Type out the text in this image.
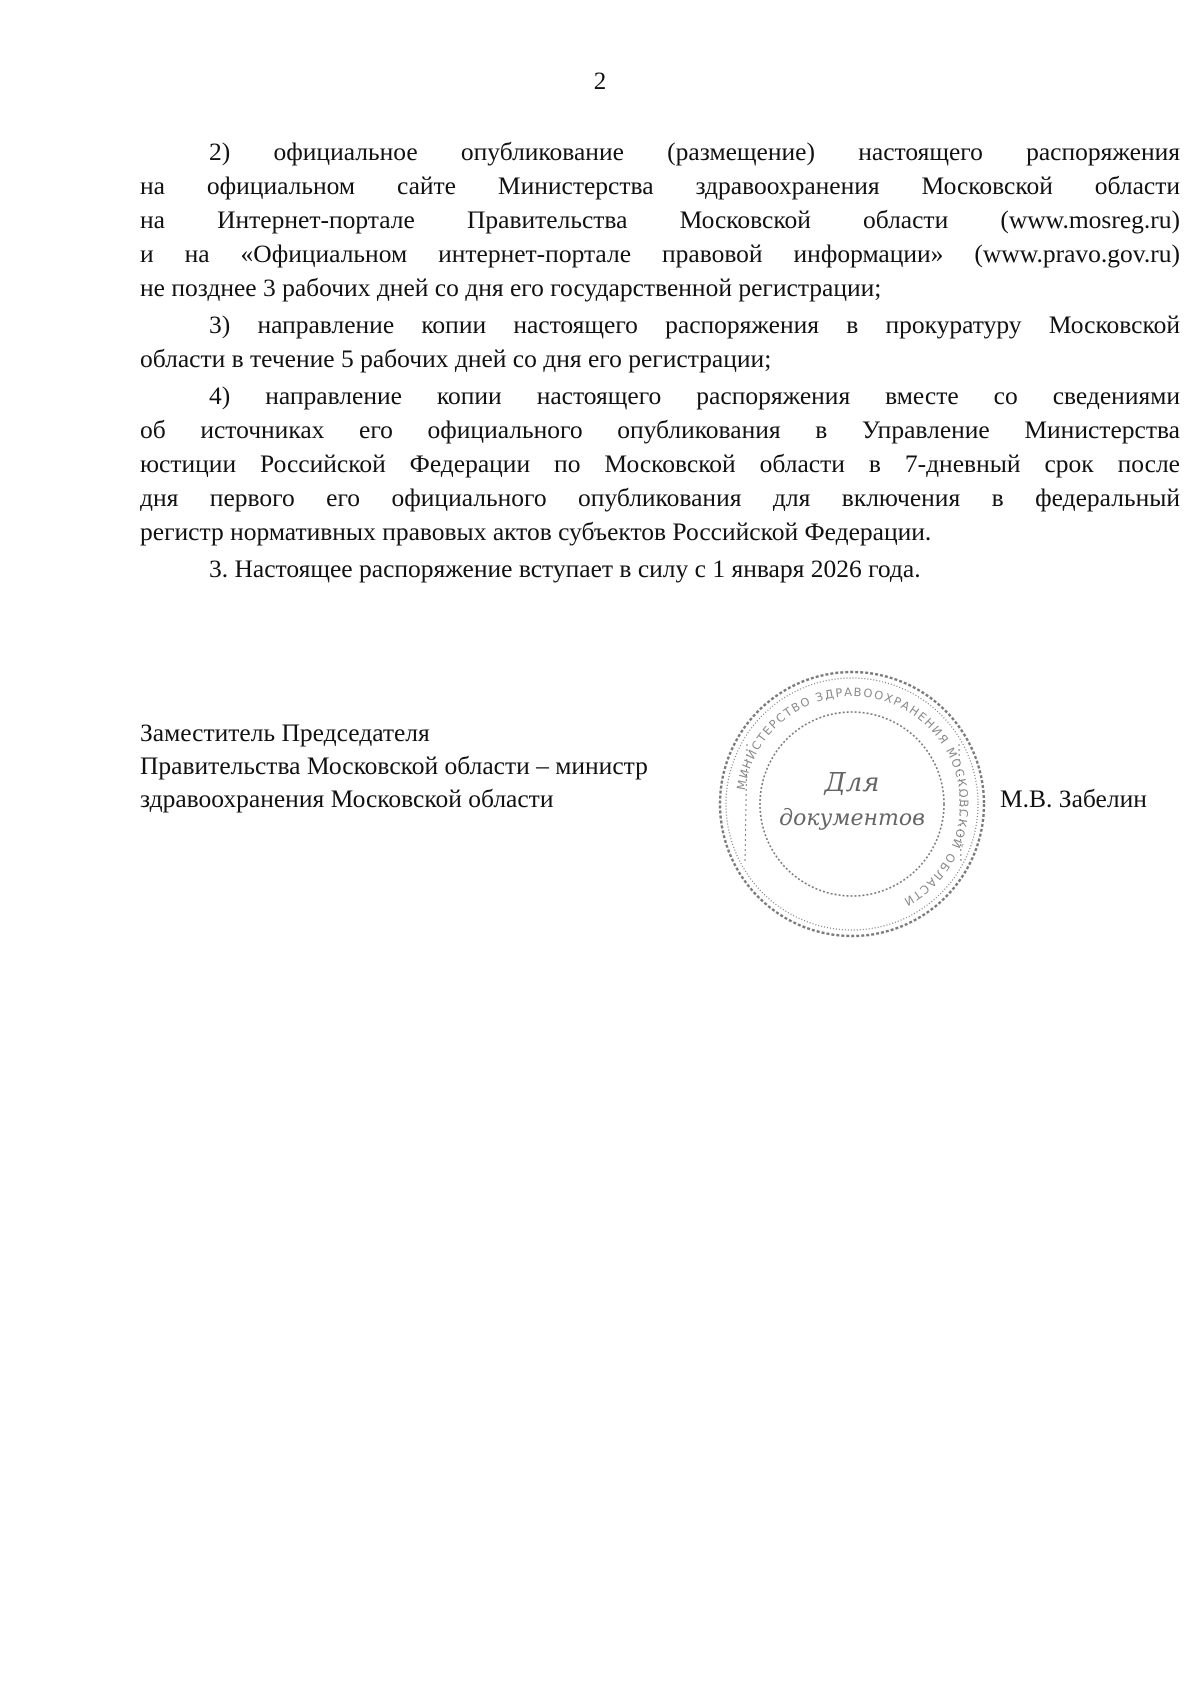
2

2) официальное опубликование (размещение) настоящего распоряжения
на официальном сайте Министерства здравоохранения Московской области
на Интернет-портале Правительства Московской области (www.mosreg.ru)
и на «Официальном интернет-портале правовой информации» (www.pravo.gov.ru)
не позднее 3 рабочих дней со дня его государственной регистрации;

3) направление копии настоящего распоряжения в прокуратуру Московской
области в течение 5 рабочих дней со дня его регистрации;

4) направление копии настоящего распоряжения вместе со сведениями
об источниках его официального опубликования в Управление Министерства
юстиции Российской Федерации по Московской области в 7-дневный срок после
дня первого его официального опубликования для включения в федеральный
регистр нормативных правовых актов субъектов Российской Федерации.

3. Настоящее распоряжение вступает в силу с 1 января 2026 года.

Заместитель Председателя
Правительства Московской области – министр
здравоохранения Московской области	МИНИСТЕРСТВО ЗДРАВООХРАНЕНИЯ МОСКОВСКОЙ ОБЛАСТИ
Для
документов
М.В. Забелин
